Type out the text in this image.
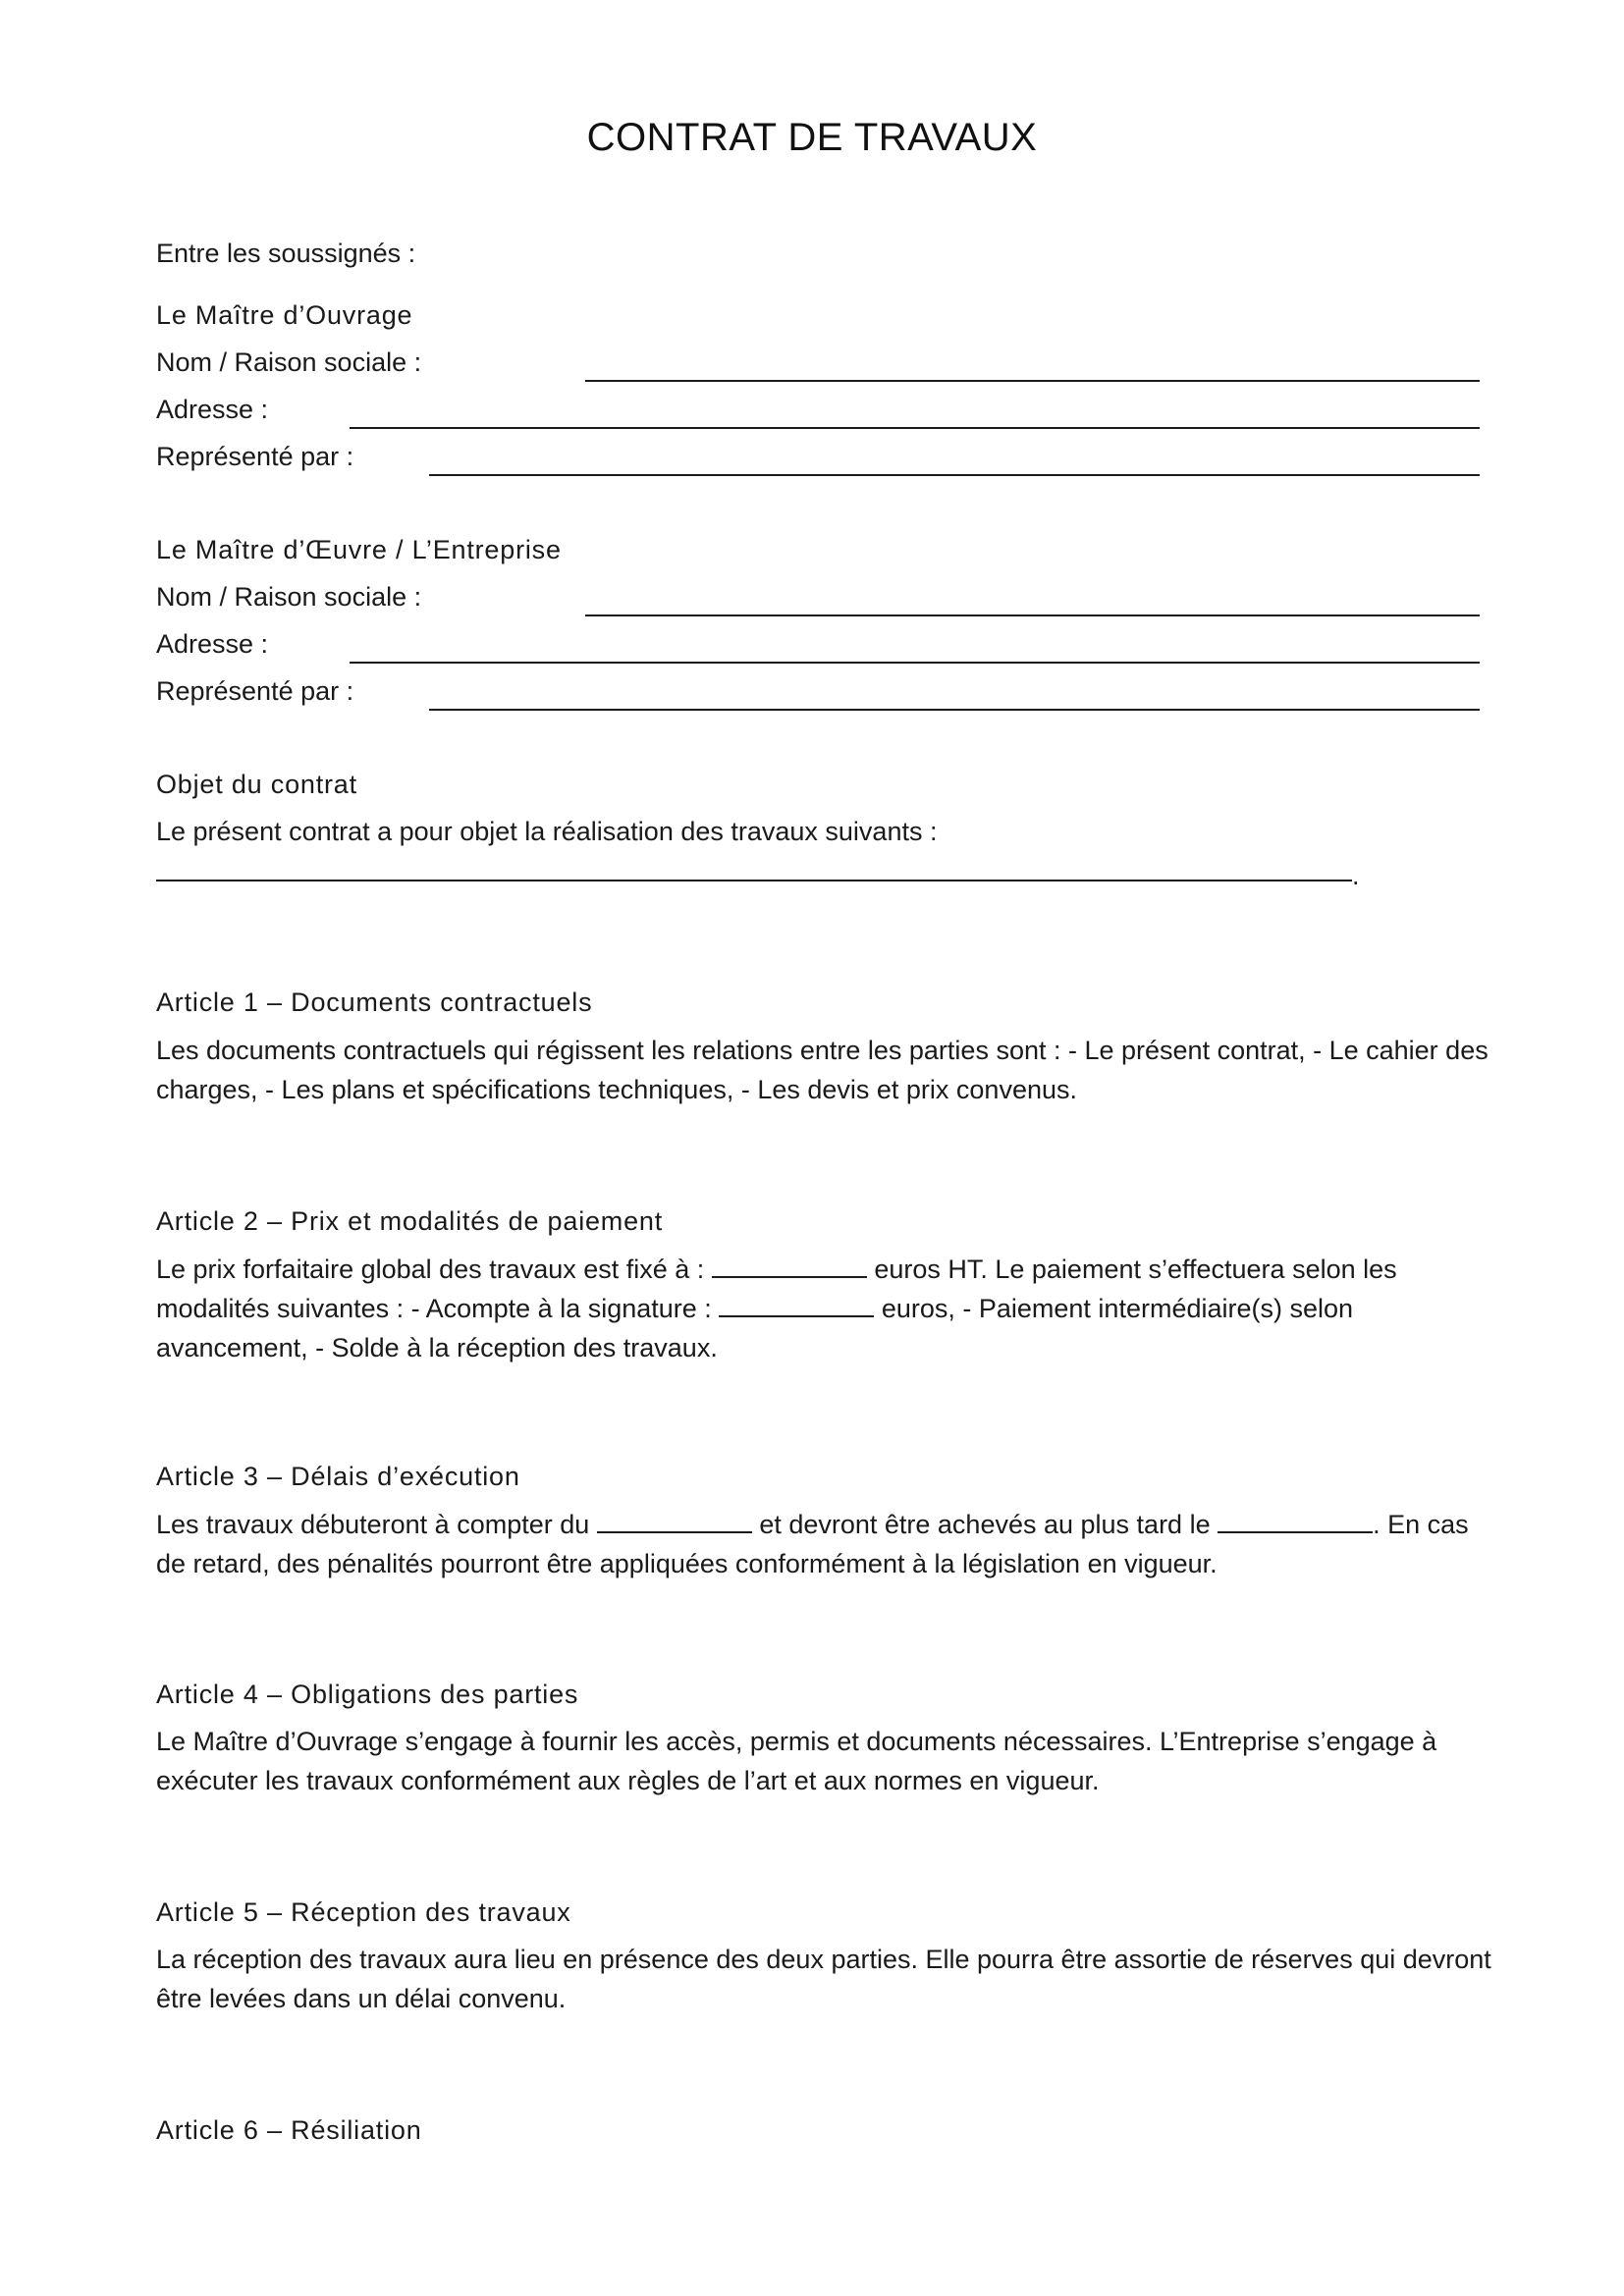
CONTRAT DE TRAVAUX
Entre les soussignés :
Le Maître d’Ouvrage
Nom / Raison sociale :
Adresse :
Représenté par :
Le Maître d’Œuvre / L’Entreprise
Nom / Raison sociale :
Adresse :
Représenté par :
Objet du contrat
Le présent contrat a pour objet la réalisation des travaux suivants :
.
Article 1 – Documents contractuels
Les documents contractuels qui régissent les relations entre les parties sont : - Le présent contrat, - Le cahier des charges, - Les plans et spécifications techniques, - Les devis et prix convenus.
Article 2 – Prix et modalités de paiement
Le prix forfaitaire global des travaux est fixé à :	euros HT. Le paiement s’effectuera selon les modalités suivantes : - Acompte à la signature :	euros, - Paiement intermédiaire(s) selon avancement, - Solde à la réception des travaux.
Article 3 – Délais d’exécution
Les travaux débuteront à compter du	et devront être achevés au plus tard le	. En cas de retard, des pénalités pourront être appliquées conformément à la législation en vigueur.
Article 4 – Obligations des parties
Le Maître d’Ouvrage s’engage à fournir les accès, permis et documents nécessaires. L’Entreprise s’engage à exécuter les travaux conformément aux règles de l’art et aux normes en vigueur.
Article 5 – Réception des travaux
La réception des travaux aura lieu en présence des deux parties. Elle pourra être assortie de réserves qui devront être levées dans un délai convenu.
Article 6 – Résiliation
